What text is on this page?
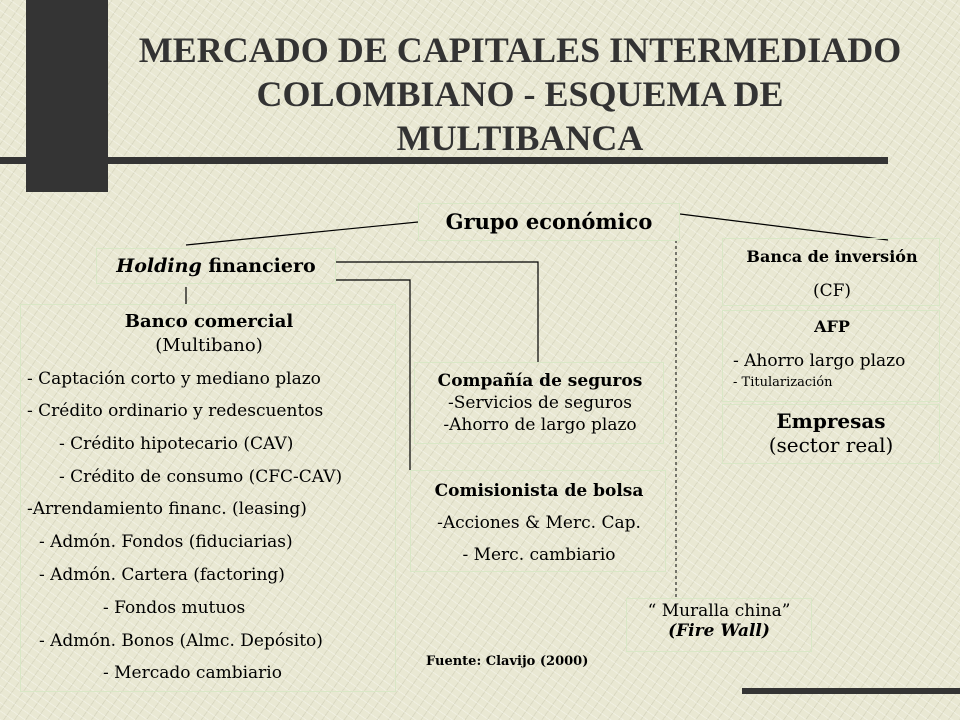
MERCADO DE CAPITALES INTERMEDIADO
COLOMBIANO - ESQUEMA DE
MULTIBANCA
Grupo económico
Holding financiero
Banco comercial
(Multibano)
- Captación corto y mediano plazo
- Crédito ordinario y redescuentos
- Crédito hipotecario (CAV)
- Crédito de consumo (CFC-CAV)
-Arrendamiento financ. (leasing)
- Admón. Fondos (fiduciarias)
- Admón. Cartera (factoring)
- Fondos mutuos
- Admón. Bonos (Almc. Depósito)
- Mercado cambiario
Compañía de seguros
-Servicios de seguros
-Ahorro de largo plazo
Comisionista de bolsa
-Acciones & Merc. Cap.
- Merc. cambiario
Banca de inversión
(CF)
AFP
- Ahorro largo plazo
- Titularización
Empresas
(sector real)
“ Muralla china”
(Fire Wall)
Fuente: Clavijo (2000)
